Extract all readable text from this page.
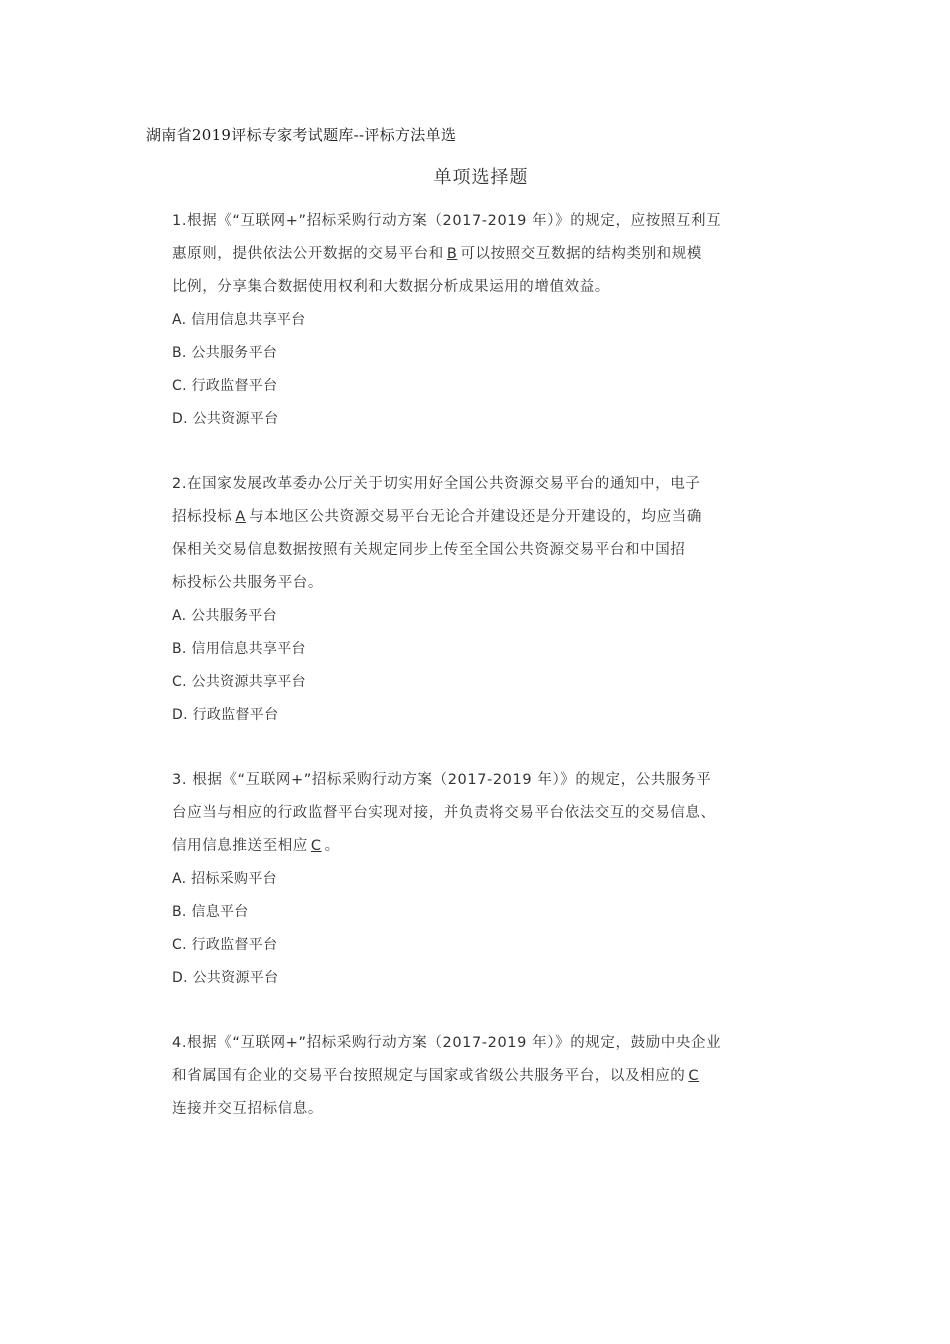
湖南省2019评标专家考试题库--评标方法单选
单项选择题
1.根据《“互联网+”招标采购行动方案（2017-2019 年）》的规定，应按照互利互
惠原则，提供依法公开数据的交易平台和 B 可以按照交互数据的结构类别和规模
比例，分享集合数据使用权利和大数据分析成果运用的增值效益。
A. 信用信息共享平台
B. 公共服务平台
C. 行政监督平台
D. 公共资源平台
2.在国家发展改革委办公厅关于切实用好全国公共资源交易平台的通知中，电子
招标投标 A 与本地区公共资源交易平台无论合并建设还是分开建设的，均应当确
保相关交易信息数据按照有关规定同步上传至全国公共资源交易平台和中国招
标投标公共服务平台。
A. 公共服务平台
B. 信用信息共享平台
C. 公共资源共享平台
D. 行政监督平台
3. 根据《“互联网+”招标采购行动方案（2017-2019 年）》的规定，公共服务平
台应当与相应的行政监督平台实现对接，并负责将交易平台依法交互的交易信息、
信用信息推送至相应 C 。
A. 招标采购平台
B. 信息平台
C. 行政监督平台
D. 公共资源平台
4.根据《“互联网+”招标采购行动方案（2017-2019 年）》的规定，鼓励中央企业
和省属国有企业的交易平台按照规定与国家或省级公共服务平台，以及相应的 C
连接并交互招标信息。
